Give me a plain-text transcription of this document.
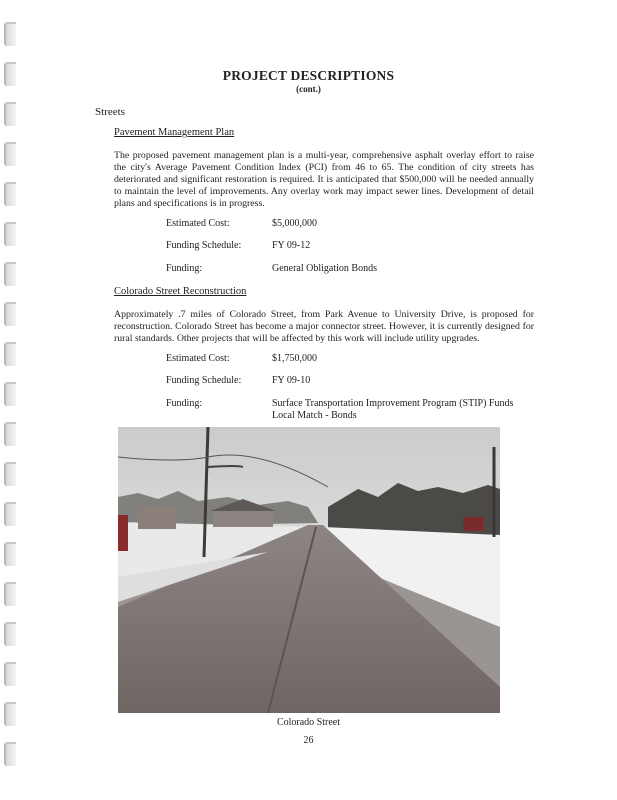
PROJECT DESCRIPTIONS
(cont.)
Streets
Pavement Management Plan
The proposed pavement management plan is a multi-year, comprehensive asphalt overlay effort to raise the city's Average Pavement Condition Index (PCI) from 46 to 65. The condition of city streets has deteriorated and significant restoration is required. It is anticipated that $500,000 will be needed annually to maintain the level of improvements. Any overlay work may impact sewer lines. Development of detail plans and specifications is in progress.
Estimated Cost:	$5,000,000
Funding Schedule:	FY 09-12
Funding:	General Obligation Bonds
Colorado Street Reconstruction
Approximately .7 miles of Colorado Street, from Park Avenue to University Drive, is proposed for reconstruction. Colorado Street has become a major connector street. However, it is currently designed for rural standards. Other projects that will be affected by this work will include utility upgrades.
Estimated Cost:	$1,750,000
Funding Schedule:	FY 09-10
Funding:	Surface Transportation Improvement Program (STIP) Funds
Local Match - Bonds
Colorado Street
26
